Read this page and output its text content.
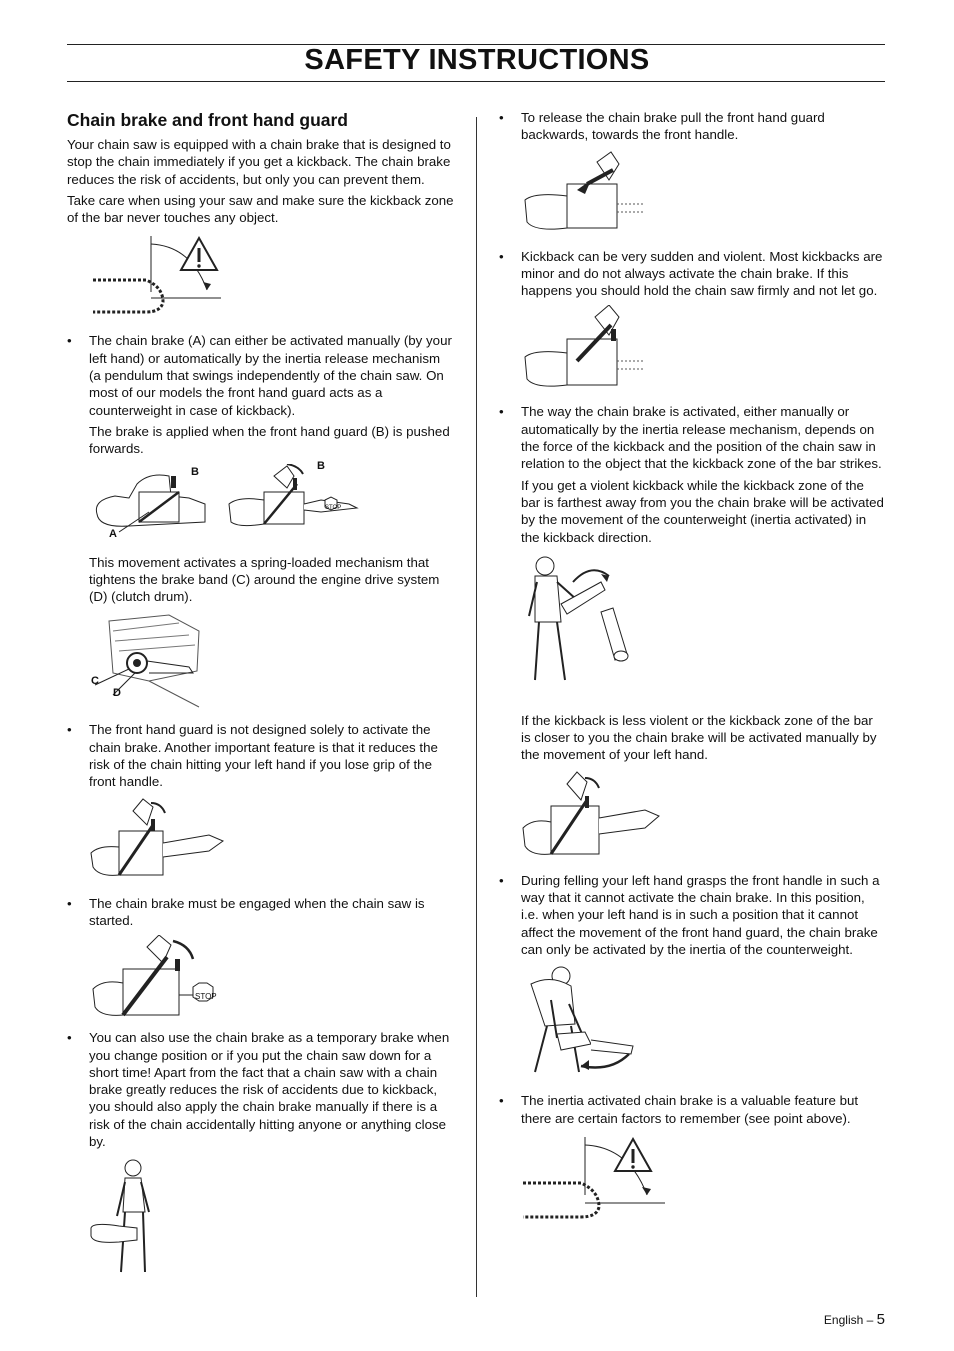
SAFETY INSTRUCTIONS
Chain brake and front hand guard

Your chain saw is equipped with a chain brake that is designed to stop the chain immediately if you get a kickback. The chain brake reduces the risk of accidents, but only you can prevent them.

Take care when using your saw and make sure the kickback zone of the bar never touches any object.

• The chain brake (A) can either be activated manually (by your left hand) or automatically by the inertia release mechanism (a pendulum that swings independently of the chain saw. On most of our models the front hand guard acts as a counterweight in case of kickback).

The brake is applied when the front hand guard (B) is pushed forwards.

B
A
B
STOP

This movement activates a spring-loaded mechanism that tightens the brake band (C) around the engine drive system (D) (clutch drum).

C
D
• The front hand guard is not designed solely to activate the chain brake. Another important feature is that it reduces the risk of the chain hitting your left hand if you lose grip of the front handle.

• The chain brake must be engaged when the chain saw is started.

STOP
• You can also use the chain brake as a temporary brake when you change position or if you put the chain saw down for a short time! Apart from the fact that a chain saw with a chain brake greatly reduces the risk of accidents due to kickback, you should also apply the chain brake manually if there is a risk of the chain accidentally hitting anyone or anything close by.

• To release the chain brake pull the front hand guard backwards, towards the front handle.

• Kickback can be very sudden and violent. Most kickbacks are minor and do not always activate the chain brake. If this happens you should hold the chain saw firmly and not let go.

• The way the chain brake is activated, either manually or automatically by the inertia release mechanism, depends on the force of the kickback and the position of the chain saw in relation to the object that the kickback zone of the bar strikes.

If you get a violent kickback while the kickback zone of the bar is farthest away from you the chain brake will be activated by the movement of the counterweight (inertia activated) in the kickback direction.

If the kickback is less violent or the kickback zone of the bar is closer to you the chain brake will be activated manually by the movement of your left hand.

• During felling your left hand grasps the front handle in such a way that it cannot activate the chain brake. In this position, i.e. when your left hand is in such a position that it cannot affect the movement of the front hand guard, the chain brake can only be activated by the inertia of the counterweight.

• The inertia activated chain brake is a valuable feature but there are certain factors to remember (see point above).

English – 5
